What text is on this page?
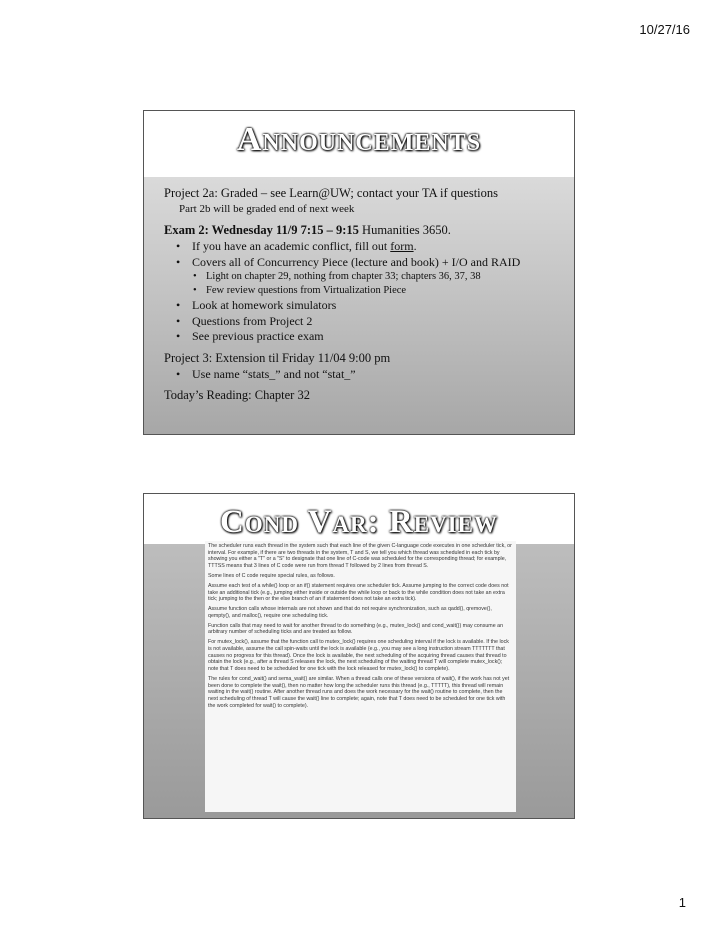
10/27/16
Announcements
Project 2a: Graded – see Learn@UW; contact your TA if questions
Part 2b will be graded end of next week
Exam 2: Wednesday 11/9 7:15 – 9:15 Humanities 3650.
• If you have an academic conflict, fill out form.
• Covers all of Concurrency Piece (lecture and book) + I/O and RAID
• Light on chapter 29, nothing from chapter 33; chapters 36, 37, 38
• Few review questions from Virtualization Piece
• Look at homework simulators
• Questions from Project 2
• See previous practice exam
Project 3: Extension til Friday 11/04 9:00 pm
• Use name “stats_” and not “stat_”
Today’s Reading: Chapter 32
Cond Var: Review

The scheduler runs each thread in the system such that each line of the given C-language code executes in one scheduler tick, or interval. For example, if there are two threads in the system, T and S, we tell you which thread was scheduled in each tick by showing you either a "T" or a "S" to designate that one line of C-code was scheduled for the corresponding thread; for example, TTTSS means that 3 lines of C code were run from thread T followed by 2 lines from thread S.

Some lines of C code require special rules, as follows.

Assume each test of a while() loop or an if() statement requires one scheduler tick. Assume jumping to the correct code does not take an additional tick (e.g., jumping either inside or outside the while loop or back to the while condition does not take an extra tick; jumping to the then or the else branch of an if statement does not take an extra tick).

Assume function calls whose internals are not shown and that do not require synchronization, such as qadd(), qremove(), qempty(), and malloc(), require one scheduling tick.

Function calls that may need to wait for another thread to do something (e.g., mutex_lock() and cond_wait()) may consume an arbitrary number of scheduling ticks and are treated as follow.

For mutex_lock(), assume that the function call to mutex_lock() requires one scheduling interval if the lock is available. If the lock is not available, assume the call spin-waits until the lock is available (e.g., you may see a long instruction stream TTTTTTT that causes no progress for this thread). Once the lock is available, the next scheduling of the acquiring thread causes that thread to obtain the lock (e.g., after a thread S releases the lock, the next scheduling of the waiting thread T will complete mutex_lock(); note that T does need to be scheduled for one tick with the lock released for mutex_lock() to complete).

The rules for cond_wait() and sema_wait() are similar. When a thread calls one of these versions of wait(), if the work has not yet been done to complete the wait(), then no matter how long the scheduler runs this thread (e.g., TTTTT), this thread will remain waiting in the wait() routine. After another thread runs and does the work necessary for the wait() routine to complete, then the next scheduling of thread T will cause the wait() line to complete; again, note that T does need to be scheduled for one tick with the work completed for wait() to complete).

1
